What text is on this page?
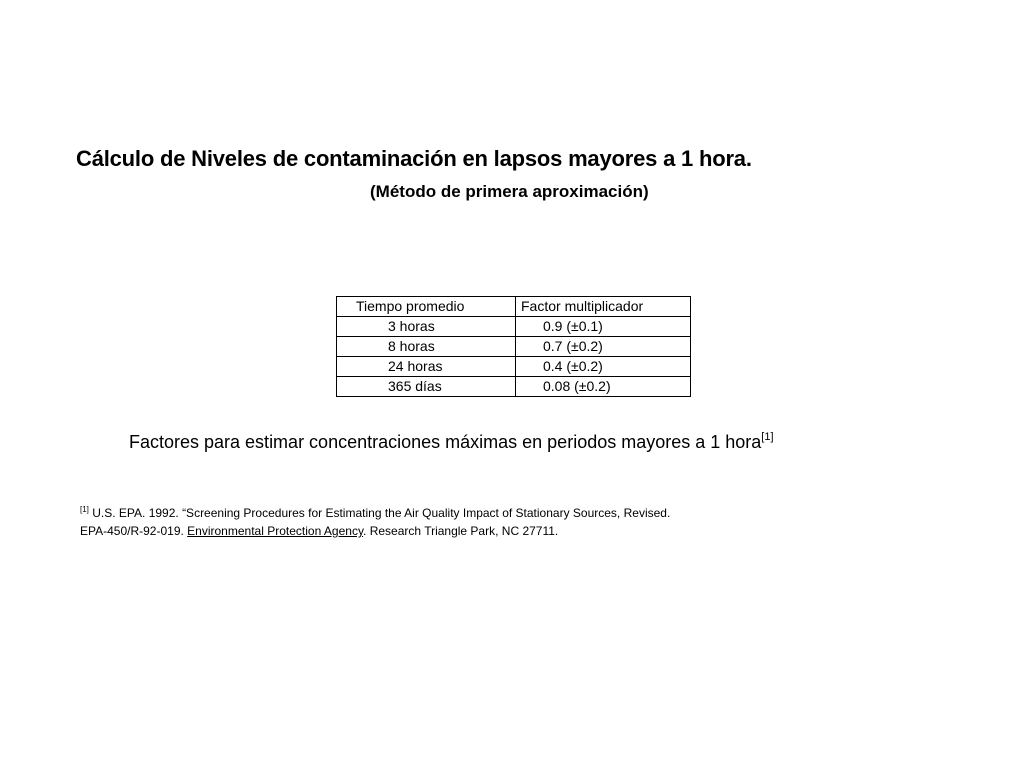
Cálculo de Niveles de contaminación en lapsos mayores a 1 hora.
(Método de primera aproximación)
Tiempo promedio	Factor multiplicador
3 horas	0.9 (±0.1)
8 horas	0.7 (±0.2)
24 horas	0.4 (±0.2)
365 días	0.08 (±0.2)
Factores para estimar concentraciones máximas en periodos mayores a 1 hora[1]
[1] U.S. EPA. 1992. “Screening Procedures for Estimating the Air Quality Impact of Stationary Sources, Revised.
EPA-450/R-92-019. Environmental Protection Agency. Research Triangle Park, NC 27711.
